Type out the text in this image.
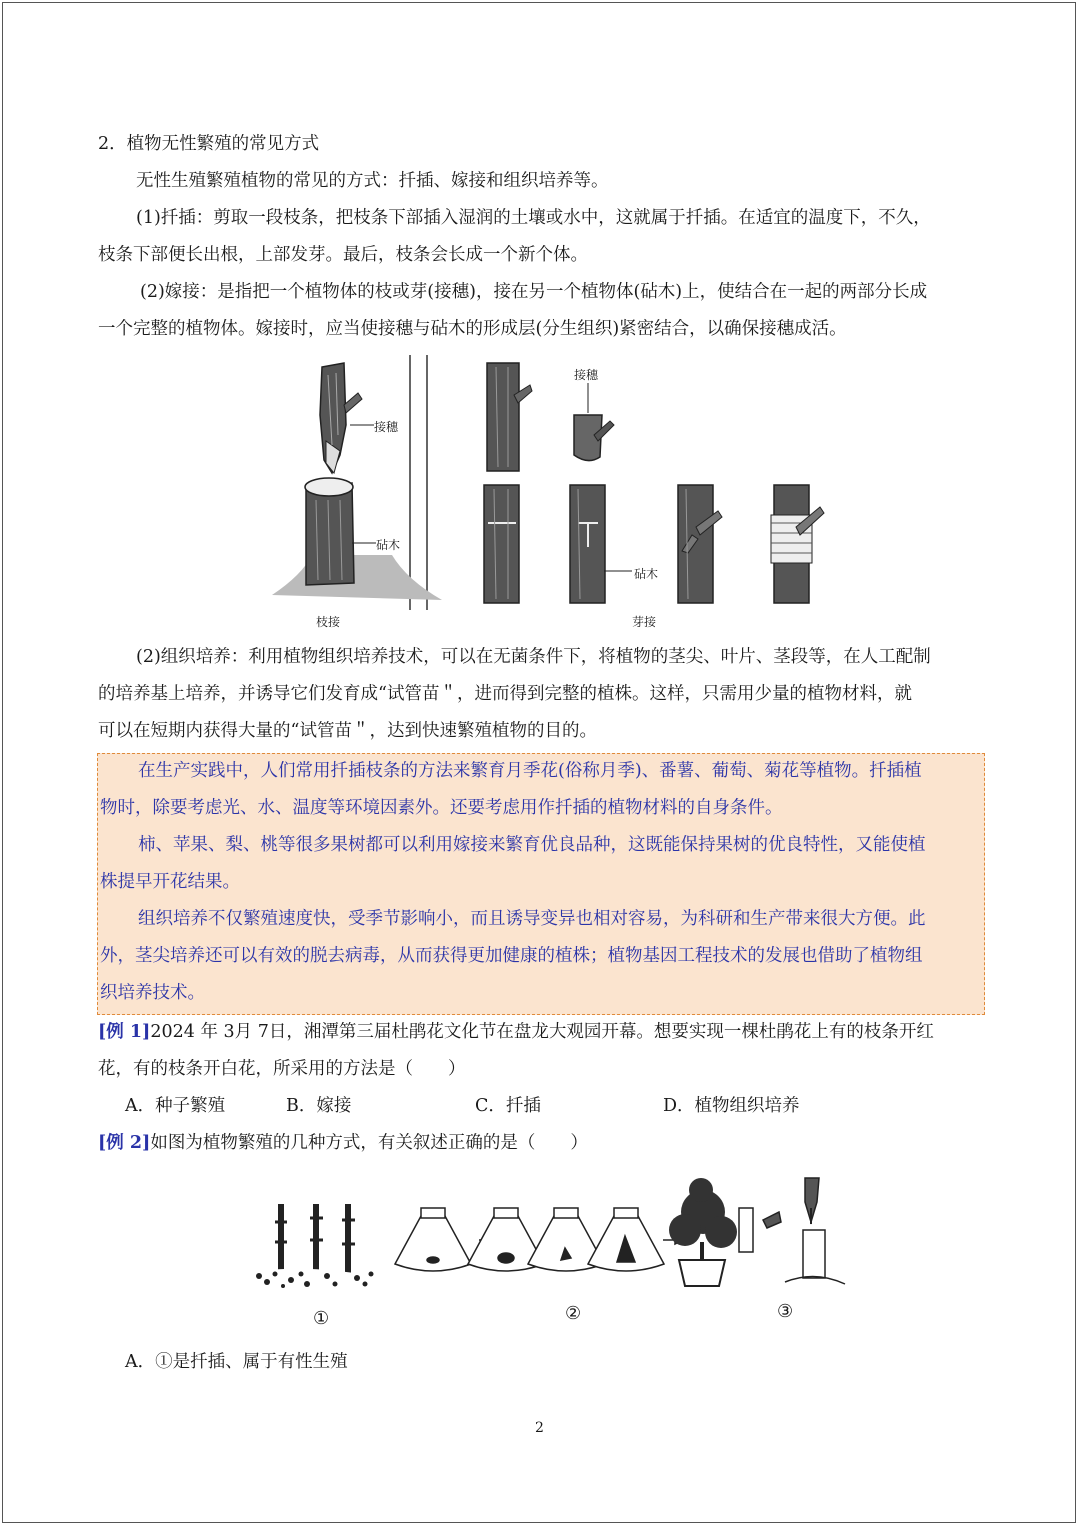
2．植物无性繁殖的常见方式
无性生殖繁殖植物的常见的方式：扦插、嫁接和组织培养等。
(1)扦插：剪取一段枝条，把枝条下部插入湿润的土壤或水中，这就属于扦插。在适宜的温度下，不久，
枝条下部便长出根，上部发芽。最后，枝条会长成一个新个体。
(2)嫁接：是指把一个植物体的枝或芽(接穗)，接在另一个植物体(砧木)上，使结合在一起的两部分长成
一个完整的植物体。嫁接时，应当使接穗与砧木的形成层(分生组织)紧密结合，以确保接穗成活。
接穗
砧木
接穗
砧木
枝接	芽接
(2)组织培养：利用植物组织培养技术，可以在无菌条件下，将植物的茎尖、叶片、茎段等，在人工配制
的培养基上培养，并诱导它们发育成“试管苗＂，进而得到完整的植株。这样，只需用少量的植物材料，就
可以在短期内获得大量的“试管苗＂，达到快速繁殖植物的目的。
在生产实践中，人们常用扦插枝条的方法来繁育月季花(俗称月季)、番薯、葡萄、菊花等植物。扦插植
物时，除要考虑光、水、温度等环境因素外。还要考虑用作扦插的植物材料的自身条件。
柿、苹果、梨、桃等很多果树都可以利用嫁接来繁育优良品种，这既能保持果树的优良特性，又能使植
株提早开花结果。
组织培养不仅繁殖速度快，受季节影响小，而且诱导变异也相对容易，为科研和生产带来很大方便。此
外，茎尖培养还可以有效的脱去病毒，从而获得更加健康的植株；植物基因工程技术的发展也借助了植物组
织培养技术。
[例 1]2024 年 3月 7日，湘潭第三届杜鹃花文化节在盘龙大观园开幕。想要实现一棵杜鹃花上有的枝条开红
花，有的枝条开白花，所采用的方法是（　　）
A．种子繁殖	B．嫁接	C．扦插	D．植物组织培养
[例 2]如图为植物繁殖的几种方式，有关叙述正确的是（　　）
①	②	③
A．①是扦插、属于有性生殖
2
